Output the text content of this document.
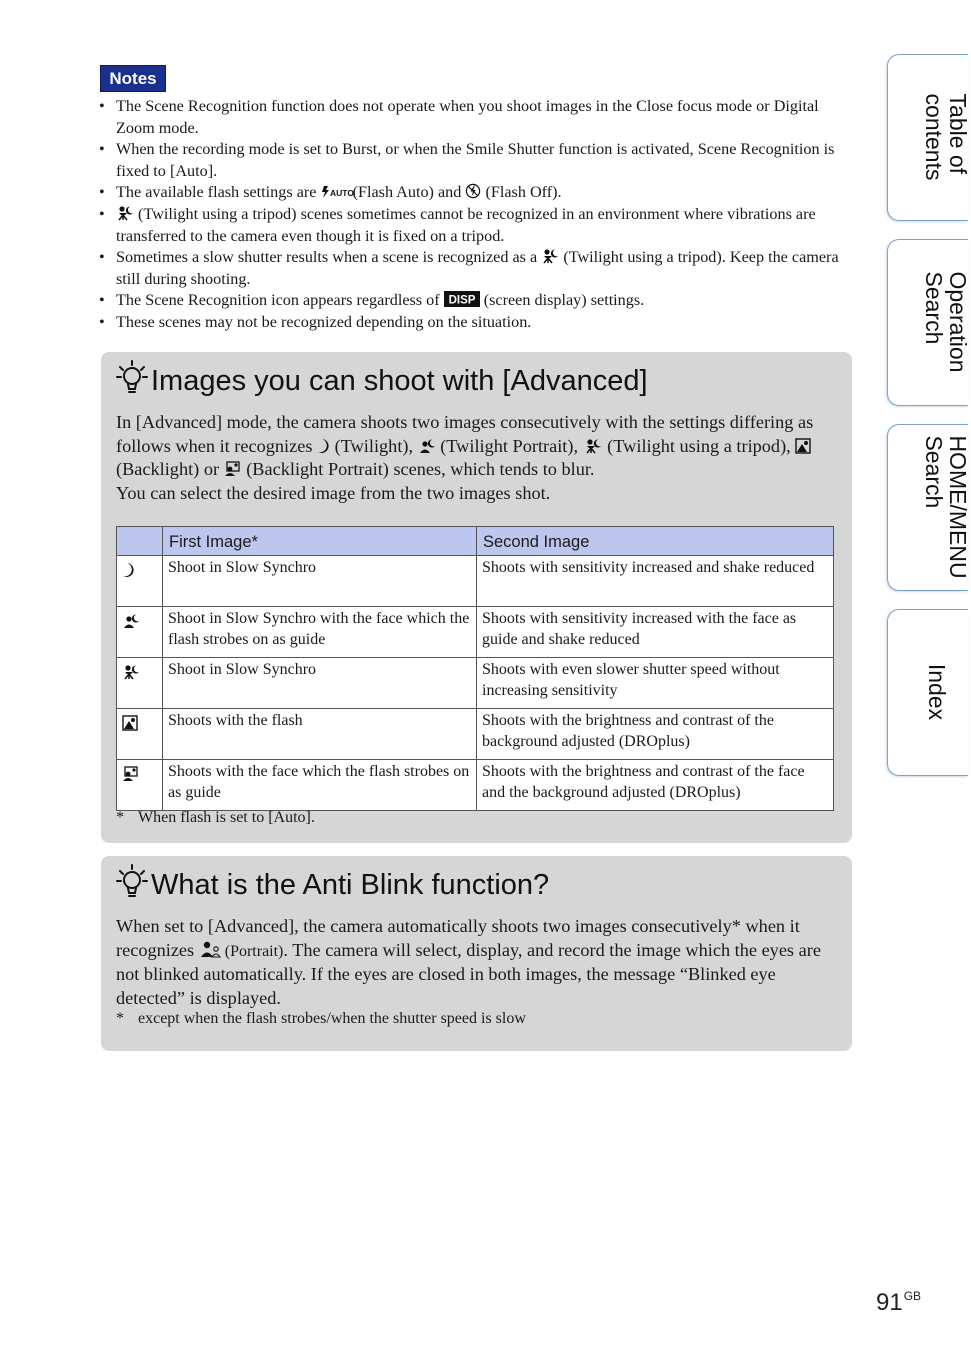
Notes
• The Scene Recognition function does not operate when you shoot images in the Close focus mode or Digital Zoom mode.
• When the recording mode is set to Burst, or when the Smile Shutter function is activated, Scene Recognition is fixed to [Auto].
• The available flash settings are AUTO
(Flash Auto) and  (Flash Off).
• (Twilight using a tripod) scenes sometimes cannot be recognized in an environment where vibrations are transferred to the camera even though it is fixed on a tripod.
• Sometimes a slow shutter results when a scene is recognized as a  (Twilight using a tripod). Keep the camera still during shooting.
• The Scene Recognition icon appears regardless of DISP (screen display) settings.
• These scenes may not be recognized depending on the situation.
Images you can shoot with [Advanced]

In [Advanced] mode, the camera shoots two images consecutively with the settings differing as follows when it recognizes  (Twilight),  (Twilight Portrait),  (Twilight using a tripod),  (Backlight) or  (Backlight Portrait) scenes, which tends to blur.

You can select the desired image from the two images shot.

	First Image*	Second Image
	Shoot in Slow Synchro	Shoots with sensitivity increased and shake reduced
	Shoot in Slow Synchro with the face which the flash strobes on as guide	Shoots with sensitivity increased with the face as guide and shake reduced
	Shoot in Slow Synchro	Shoots with even slower shutter speed without increasing sensitivity
	Shoots with the flash	Shoots with the brightness and contrast of the background adjusted (DROplus)
	Shoots with the face which the flash strobes on as guide	Shoots with the brightness and contrast of the face and the background adjusted (DROplus)
* When flash is set to [Auto].
What is the Anti Blink function?

When set to [Advanced], the camera automatically shoots two images consecutively* when it recognizes  (Portrait). The camera will select, display, and record the image which the eyes are not blinked automatically. If the eyes are closed in both images, the message “Blinked eye detected” is displayed.

* except when the flash strobes/when the shutter speed is slow
Table of
contents
Operation
Search
HOME/MENU
Search
Index
$91^{GB}$
